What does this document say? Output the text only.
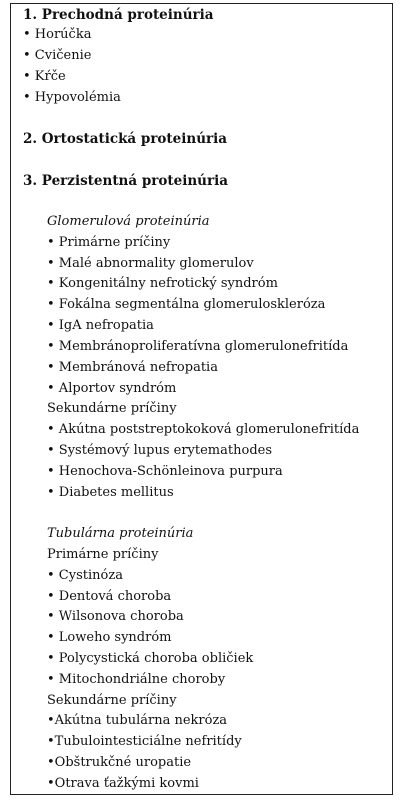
1. Prechodná proteinúria
• Horúčka
• Cvičenie
• Kŕče
• Hypovolémia
2. Ortostatická proteinúria
3. Perzistentná proteinúria
Glomerulová proteinúria
• Primárne príčiny
• Malé abnormality glomerulov
• Kongenitálny nefrotický syndróm
• Fokálna segmentálna glomeruloskleróza
• IgA nefropatia
• Membránoproliferatívna glomerulonefritída
• Membránová nefropatia
• Alportov syndróm
Sekundárne príčiny
• Akútna poststreptokoková glomerulonefritída
• Systémový lupus erytemathodes
• Henochova-Schönleinova purpura
• Diabetes mellitus
Tubulárna proteinúria
Primárne príčiny
• Cystinóza
• Dentová choroba
• Wilsonova choroba
• Loweho syndróm
• Polycystická choroba obličiek
• Mitochondriálne choroby
Sekundárne príčiny
•Akútna tubulárna nekróza
•Tubulointesticiálne nefritídy
•Obštrukčné uropatie
•Otrava ťažkými kovmi
